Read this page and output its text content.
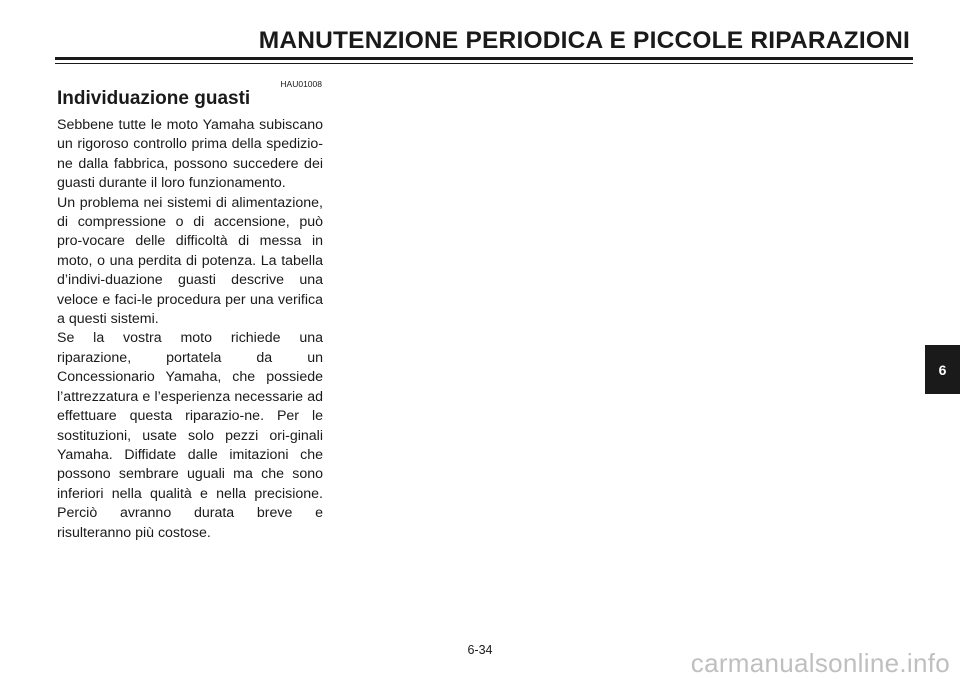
MANUTENZIONE PERIODICA E PICCOLE RIPARAZIONI
HAU01008
Individuazione guasti

Sebbene tutte le moto Yamaha subiscano un rigoroso controllo prima della spedizio-ne dalla fabbrica, possono succedere dei guasti durante il loro funzionamento.

Un problema nei sistemi di alimentazione, di compressione o di accensione, può pro-vocare delle difficoltà di messa in moto, o una perdita di potenza. La tabella d’indivi-duazione guasti descrive una veloce e faci-le procedura per una verifica a questi sistemi.

Se la vostra moto richiede una riparazione, portatela da un Concessionario Yamaha, che possiede l’attrezzatura e l’esperienza necessarie ad effettuare questa riparazio-ne. Per le sostituzioni, usate solo pezzi ori-ginali Yamaha. Diffidate dalle imitazioni che possono sembrare uguali ma che sono inferiori nella qualità e nella precisione. Perciò avranno durata breve e risulteranno più costose.

6
6-34	carmanualsonline.info
